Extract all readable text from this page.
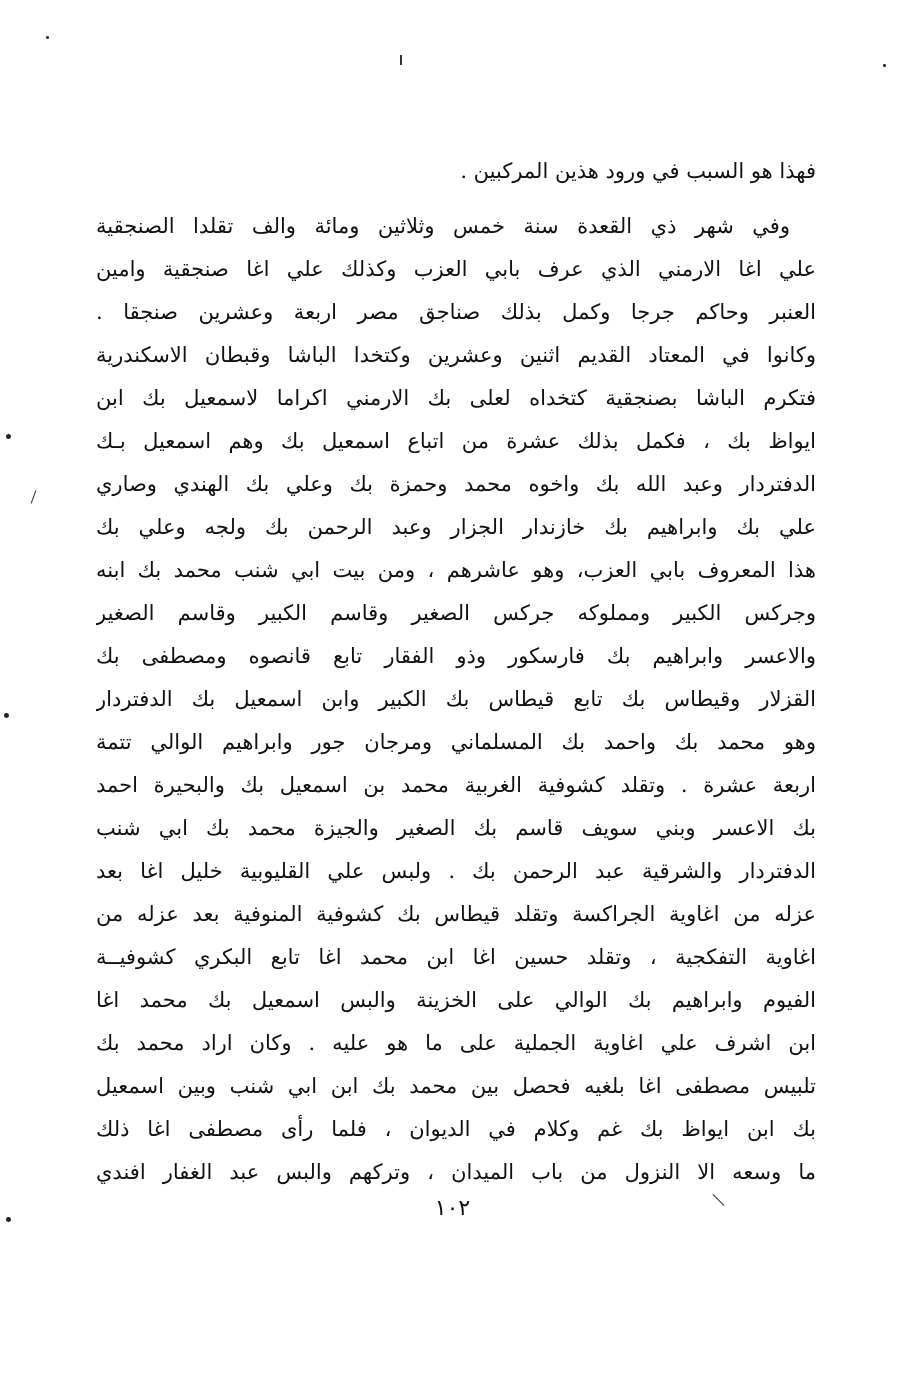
فهذا هو السبب في ورود هذين المركبين .
وفي شهر ذي القعدة سنة خمس وثلاثين ومائة والف تقلدا الصنجقية
علي اغا الارمني الذي عرف بابي العزب وكذلك علي اغا صنجقية وامين
العنبر وحاكم جرجا وكمل بذلك صناجق مصر اربعة وعشرين صنجقا .
وكانوا في المعتاد القديم اثنين وعشرين وكتخدا الباشا وقبطان الاسكندرية
فتكرم الباشا بصنجقية كتخداه لعلى بك الارمني اكراما لاسمعيل بك ابن
ايواظ بك ، فكمل بذلك عشرة من اتباع اسمعيل بك وهم اسمعيل بـك
الدفتردار وعبد الله بك واخوه محمد وحمزة بك وعلي بك الهندي وصاري
علي بك وابراهيم بك خازندار الجزار وعبد الرحمن بك ولجه وعلي بك
هذا المعروف بابي العزب، وهو عاشرهم ، ومن بيت ابي شنب محمد بك ابنه
وجركس الكبير ومملوكه جركس الصغير وقاسم الكبير وقاسم الصغير
والاعسر وابراهيم بك فارسكور وذو الفقار تابع قانصوه ومصطفى بك
القزلار وقيطاس بك تابع قيطاس بك الكبير وابن اسمعيل بك الدفتردار
وهو محمد بك واحمد بك المسلماني ومرجان جور وابراهيم الوالي تتمة
اربعة عشرة . وتقلد كشوفية الغربية محمد بن اسمعيل بك والبحيرة احمد
بك الاعسر وبني سويف قاسم بك الصغير والجيزة محمد بك ابي شنب
الدفتردار والشرقية عبد الرحمن بك . ولبس علي القليوبية خليل اغا بعد
عزله من اغاوية الجراكسة وتقلد قيطاس بك كشوفية المنوفية بعد عزله من
اغاوية التفكجية ، وتقلد حسين اغا ابن محمد اغا تابع البكري كشوفيــة
الفيوم وابراهيم بك الوالي على الخزينة والبس اسمعيل بك محمد اغا
ابن اشرف علي اغاوية الجملية على ما هو عليه . وكان اراد محمد بك
تلبيس مصطفى اغا بلغيه فحصل بين محمد بك ابن ابي شنب وبين اسمعيل
بك ابن ايواظ بك غم وكلام في الديوان ، فلما رأى مصطفى اغا ذلك
ما وسعه الا النزول من باب الميدان ، وتركهم والبس عبد الغفار افندي
١٠٢
